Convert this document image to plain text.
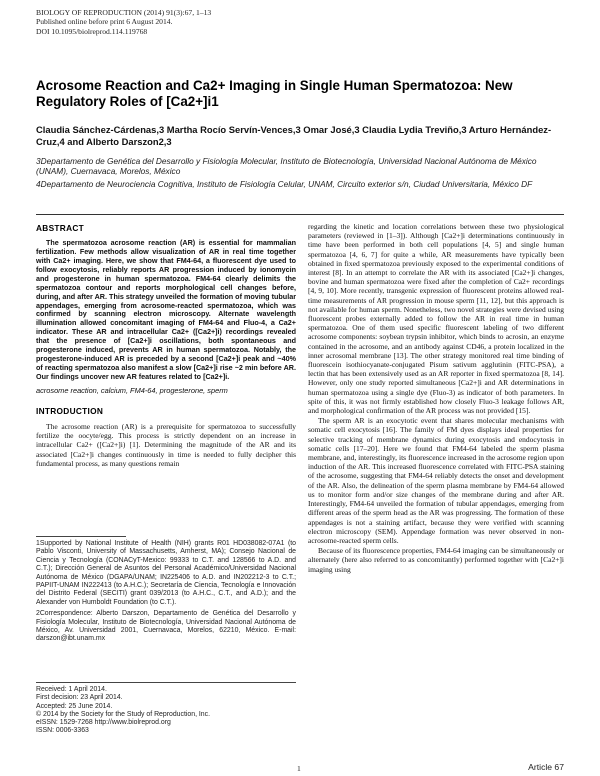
BIOLOGY OF REPRODUCTION (2014) 91(3):67, 1–13
Published online before print 6 August 2014.
DOI 10.1095/biolreprod.114.119768
Acrosome Reaction and Ca2+ Imaging in Single Human Spermatozoa: New Regulatory Roles of [Ca2+]i1
Claudia Sánchez-Cárdenas,3 Martha Rocío Servín-Vences,3 Omar José,3 Claudia Lydia Treviño,3 Arturo Hernández-Cruz,4 and Alberto Darszon2,3
3Departamento de Genética del Desarrollo y Fisiología Molecular, Instituto de Biotecnología, Universidad Nacional Autónoma de México (UNAM), Cuernavaca, Morelos, México
4Departamento de Neurociencia Cognitiva, Instituto de Fisiología Celular, UNAM, Circuito exterior s/n, Ciudad Universitaria, México DF
ABSTRACT

The spermatozoa acrosome reaction (AR) is essential for mammalian fertilization. Few methods allow visualization of AR in real time together with Ca2+ imaging. Here, we show that FM4-64, a fluorescent dye used to follow exocytosis, reliably reports AR progression induced by ionomycin and progesterone in human spermatozoa. FM4-64 clearly delimits the spermatozoa contour and reports morphological cell changes before, during, and after AR. This strategy unveiled the formation of moving tubular appendages, emerging from acrosome-reacted spermatozoa, which was confirmed by scanning electron microscopy. Alternate wavelength illumination allowed concomitant imaging of FM4-64 and Fluo-4, a Ca2+ indicator. These AR and intracellular Ca2+ ([Ca2+]i) recordings revealed that the presence of [Ca2+]i oscillations, both spontaneous and progesterone induced, prevents AR in human spermatozoa. Notably, the progesterone-induced AR is preceded by a second [Ca2+]i peak and ~40% of reacting spermatozoa also manifest a slow [Ca2+]i rise ~2 min before AR. Our findings uncover new AR features related to [Ca2+]i.

acrosome reaction, calcium, FM4-64, progesterone, sperm

INTRODUCTION

The acrosome reaction (AR) is a prerequisite for spermatozoa to successfully fertilize the oocyte/egg. This process is strictly dependent on an increase in intracellular Ca2+ ([Ca2+]i) [1]. Determining the magnitude of the AR and its associated [Ca2+]i changes continuously in time is needed to fully decipher this fundamental process, as many questions remain

1Supported by National Institute of Health (NIH) grants R01 HD038082-07A1 (to Pablo Visconti, University of Massachusetts, Amherst, MA); Consejo Nacional de Ciencia y Tecnología (CONACyT-Mexico: 99333 to C.T. and 128566 to A.D. and C.T.); Dirección General de Asuntos del Personal Académico/Universidad Nacional Autónoma de México (DGAPA/UNAM; IN225406 to A.D. and IN202212-3 to C.T.; PAPIIT-UNAM IN222413 (to A.H.C.); Secretaría de Ciencia, Tecnología e Innovación del Distrito Federal (SECITI) grant 039/2013 (to A.H.C., C.T., and A.D.); and the Alexander von Humboldt Foundation (to C.T.).
2Correspondence: Alberto Darszon, Departamento de Genética del Desarrollo y Fisiología Molecular, Instituto de Biotecnología, Universidad Nacional Autónoma de México, Av. Universidad 2001, Cuernavaca, Morelos, 62210, México. E-mail: darszon@ibt.unam.mx
Received: 1 April 2014.
First decision: 23 April 2014.
Accepted: 25 June 2014.
© 2014 by the Society for the Study of Reproduction, Inc.
eISSN: 1529-7268 http://www.biolreprod.org
ISSN: 0006-3363

regarding the kinetic and location correlations between these two physiological parameters (reviewed in [1–3]). Although [Ca2+]i determinations continuously in time have been performed in both cell populations [4, 5] and single human spermatozoa [4, 6, 7] for quite a while, AR measurements have typically been obtained in fixed spermatozoa previously exposed to the experimental conditions of interest [8]. In an attempt to correlate the AR with its associated [Ca2+]i changes, bovine and human spermatozoa were fixed after the completion of Ca2+ recordings [4, 9, 10]. More recently, transgenic expression of fluorescent proteins allowed real-time measurements of AR progression in mouse sperm [11, 12], but this approach is not available for human sperm. Nonetheless, two novel strategies were devised using fluorescent probes externally added to follow the AR in real time in human spermatozoa. One of them used specific fluorescent labeling of two different acrosome components: soybean trypsin inhibitor, which binds to acrosin, an enzyme contained in the acrosome, and an antibody against CD46, a protein localized in the inner acrosomal membrane [13]. The other strategy monitored real time binding of fluorescein isothiocyanate-conjugated Pisum sativum agglutinin (FITC-PSA), a lectin that has been extensively used as an AR reporter in fixed spermatozoa [8, 14]. However, only one study reported simultaneous [Ca2+]i and AR determinations in human spermatozoa using a single dye (Fluo-3) as indicator of both parameters. In spite of this, it was not firmly established how closely Fluo-3 leakage follows AR, and morphological confirmation of the AR process was not provided [15].

The sperm AR is an exocytotic event that shares molecular mechanisms with somatic cell exocytosis [16]. The family of FM dyes displays ideal properties for selective tracking of membrane dynamics during exocytosis and endocytosis in somatic cells [17–20]. Here we found that FM4-64 labeled the sperm plasma membrane, and, interestingly, its fluorescence increased in the acrosome region upon induction of the AR. This increased fluorescence correlated with FITC-PSA staining of the acrosome, suggesting that FM4-64 reliably detects the onset and development of the AR. Also, the delineation of the sperm plasma membrane by FM4-64 allowed us to monitor form and/or size changes of the membrane during and after AR. Interestingly, FM4-64 unveiled the formation of tubular appendages, emerging from different areas of the sperm head as the AR was progressing. The formation of these appendages is not a staining artifact, because they were verified with scanning electron microscopy (SEM). Appendage formation was never observed in non-acrosome-reacted sperm cells.

Because of its fluorescence properties, FM4-64 imaging can be simultaneously or alternately (here also referred to as concomitantly) performed together with [Ca2+]i imaging using

1	Article 67
